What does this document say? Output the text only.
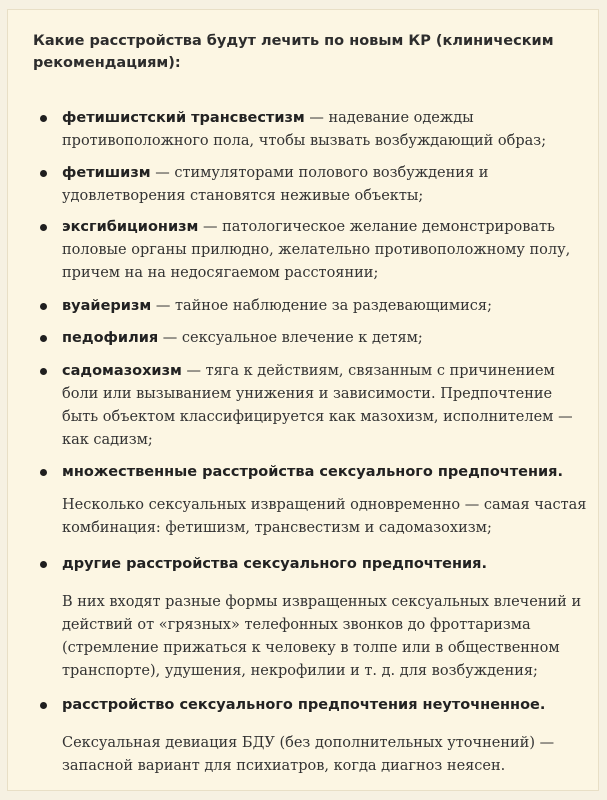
Какие расстройства будут лечить по новым КР (клиническим рекомендациям):
фетишистский трансвестизм — надевание одежды противоположного пола, чтобы вызвать возбуждающий образ;
фетишизм — стимуляторами полового возбуждения и удовлетворения становятся неживые объекты;
эксгибиционизм — патологическое желание демонстрировать половые органы прилюдно, желательно противоположному полу, причем на на недосягаемом расстоянии;
вуайеризм — тайное наблюдение за раздевающимися;
педофилия — сексуальное влечение к детям;
садомазохизм — тяга к действиям, связанным с причинением боли или вызыванием унижения и зависимости. Предпочтение быть объектом классифицируется как мазохизм, исполнителем — как садизм;
множественные расстройства сексуального предпочтения.
Несколько сексуальных извращений одновременно — самая частая комбинация: фетишизм, трансвестизм и садомазохизм;
другие расстройства сексуального предпочтения.
В них входят разные формы извращенных сексуальных влечений и действий от «грязных» телефонных звонков до фроттаризма (стремление прижаться к человеку в толпе или в общественном транспорте), удушения, некрофилии и т. д. для возбуждения;
расстройство сексуального предпочтения неуточненное.
Сексуальная девиация БДУ (без дополнительных уточнений) — запасной вариант для психиатров, когда диагноз неясен.
